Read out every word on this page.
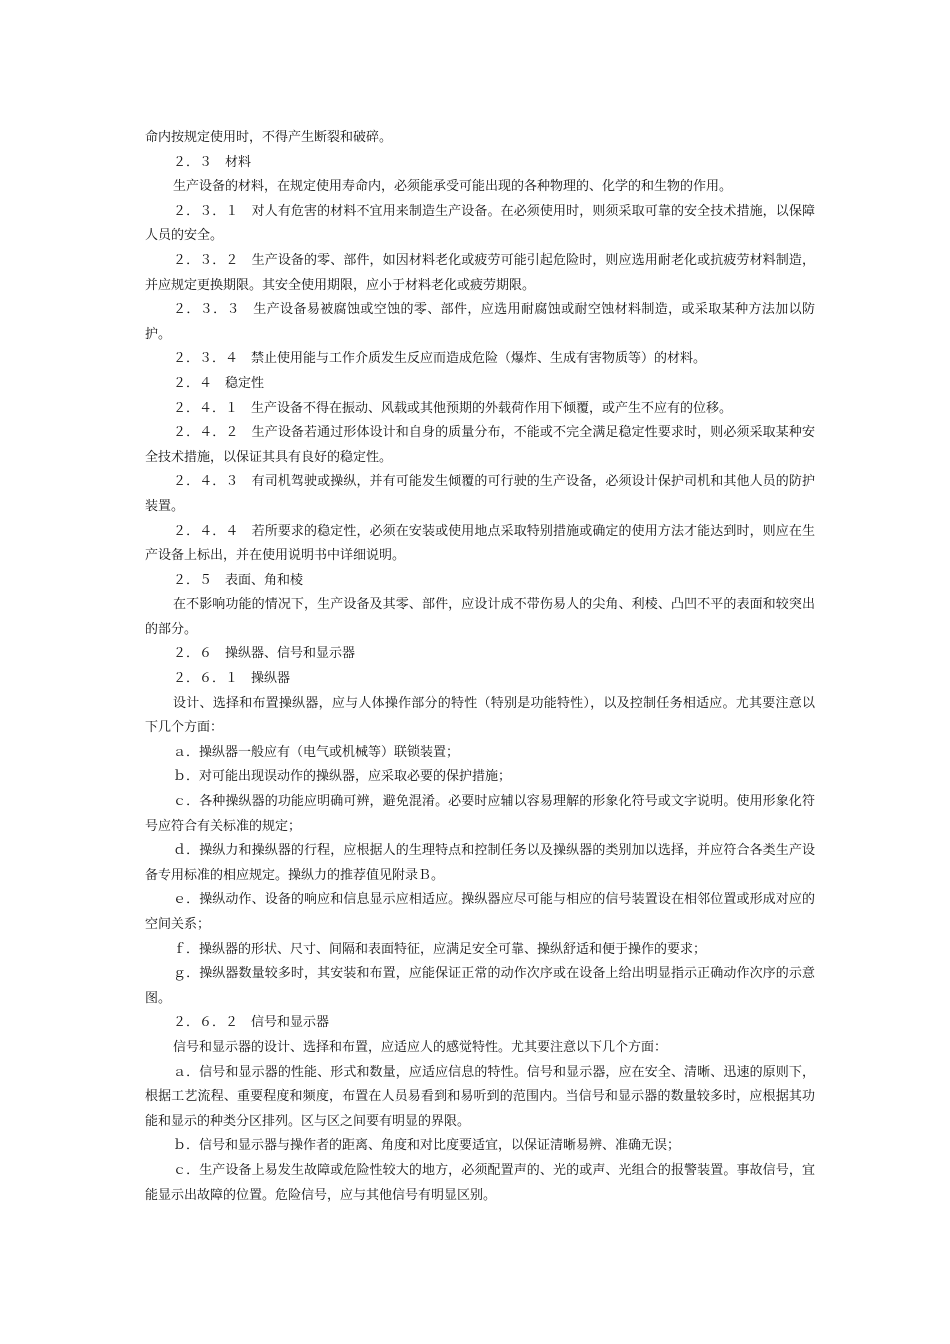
命内按规定使用时，不得产生断裂和破碎。

２．３　材料

生产设备的材料，在规定使用寿命内，必须能承受可能出现的各种物理的、化学的和生物的作用。

２．３．１　对人有危害的材料不宜用来制造生产设备。在必须使用时，则须采取可靠的安全技术措施，以保障人员的安全。

２．３．２　生产设备的零、部件，如因材料老化或疲劳可能引起危险时，则应选用耐老化或抗疲劳材料制造，并应规定更换期限。其安全使用期限，应小于材料老化或疲劳期限。

２．３．３　生产设备易被腐蚀或空蚀的零、部件，应选用耐腐蚀或耐空蚀材料制造，或采取某种方法加以防护。

２．３．４　禁止使用能与工作介质发生反应而造成危险（爆炸、生成有害物质等）的材料。

２．４　稳定性

２．４．１　生产设备不得在振动、风载或其他预期的外载荷作用下倾覆，或产生不应有的位移。

２．４．２　生产设备若通过形体设计和自身的质量分布，不能或不完全满足稳定性要求时，则必须采取某种安全技术措施，以保证其具有良好的稳定性。

２．４．３　有司机驾驶或操纵，并有可能发生倾覆的可行驶的生产设备，必须设计保护司机和其他人员的防护装置。

２．４．４　若所要求的稳定性，必须在安装或使用地点采取特别措施或确定的使用方法才能达到时，则应在生产设备上标出，并在使用说明书中详细说明。

２．５　表面、角和棱

在不影响功能的情况下，生产设备及其零、部件，应设计成不带伤易人的尖角、利棱、凸凹不平的表面和较突出的部分。

２．６　操纵器、信号和显示器

２．６．１　操纵器

设计、选择和布置操纵器，应与人体操作部分的特性（特别是功能特性），以及控制任务相适应。尤其要注意以下几个方面：

ａ．操纵器一般应有（电气或机械等）联锁装置；

ｂ．对可能出现误动作的操纵器，应采取必要的保护措施；

ｃ．各种操纵器的功能应明确可辨，避免混淆。必要时应辅以容易理解的形象化符号或文字说明。使用形象化符号应符合有关标准的规定；

ｄ．操纵力和操纵器的行程，应根据人的生理特点和控制任务以及操纵器的类别加以选择，并应符合各类生产设备专用标准的相应规定。操纵力的推荐值见附录Ｂ。

ｅ．操纵动作、设备的响应和信息显示应相适应。操纵器应尽可能与相应的信号装置设在相邻位置或形成对应的空间关系；

ｆ．操纵器的形状、尺寸、间隔和表面特征，应满足安全可靠、操纵舒适和便于操作的要求；

ｇ．操纵器数量较多时，其安装和布置，应能保证正常的动作次序或在设备上给出明显指示正确动作次序的示意图。

２．６．２　信号和显示器

信号和显示器的设计、选择和布置，应适应人的感觉特性。尤其要注意以下几个方面：

ａ．信号和显示器的性能、形式和数量，应适应信息的特性。信号和显示器，应在安全、清晰、迅速的原则下，根据工艺流程、重要程度和频度，布置在人员易看到和易听到的范围内。当信号和显示器的数量较多时，应根据其功能和显示的种类分区排列。区与区之间要有明显的界限。

ｂ．信号和显示器与操作者的距离、角度和对比度要适宜，以保证清晰易辨、准确无误；

ｃ．生产设备上易发生故障或危险性较大的地方，必须配置声的、光的或声、光组合的报警装置。事故信号，宜能显示出故障的位置。危险信号，应与其他信号有明显区别。
